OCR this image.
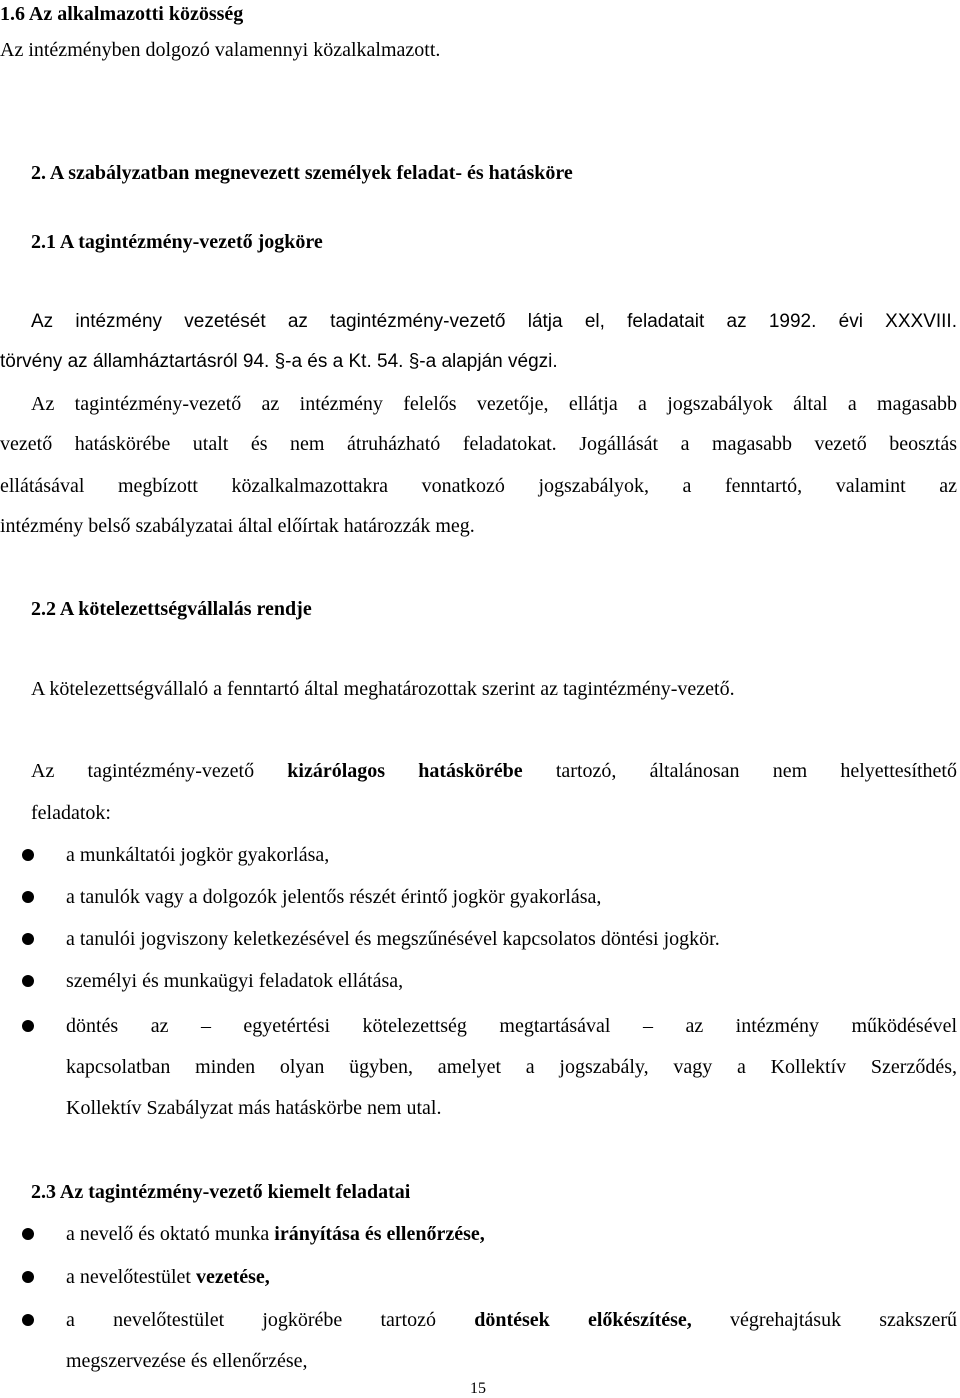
1.6 Az alkalmazotti közösség
Az intézményben dolgozó valamennyi közalkalmazott.
2. A szabályzatban megnevezett személyek feladat- és hatásköre
2.1 A tagintézmény-vezető jogköre
Az intézmény vezetését az tagintézmény-vezető látja el, feladatait az 1992. évi XXXVIII.
törvény az államháztartásról 94. §-a és a Kt. 54. §-a alapján végzi.
Az tagintézmény-vezető az intézmény felelős vezetője, ellátja a jogszabályok által a magasabb
vezető hatáskörébe utalt és nem átruházható feladatokat. Jogállását a magasabb vezető beosztás
ellátásával megbízott közalkalmazottakra vonatkozó jogszabályok, a fenntartó, valamint az
intézmény belső szabályzatai által előírtak határozzák meg.
2.2 A kötelezettségvállalás rendje
A kötelezettségvállaló a fenntartó által meghatározottak szerint az tagintézmény-vezető.
Az tagintézmény-vezető kizárólagos hatáskörébe tartozó, általánosan nem helyettesíthető
feladatok:
a munkáltatói jogkör gyakorlása,
a tanulók vagy a dolgozók jelentős részét érintő jogkör gyakorlása,
a tanulói jogviszony keletkezésével és megszűnésével kapcsolatos döntési jogkör.
személyi és munkaügyi feladatok ellátása,
döntés az – egyetértési kötelezettség megtartásával – az intézmény működésével
kapcsolatban minden olyan ügyben, amelyet a jogszabály, vagy a Kollektív Szerződés,
Kollektív Szabályzat más hatáskörbe nem utal.
2.3 Az tagintézmény-vezető kiemelt feladatai
a nevelő és oktató munka irányítása és ellenőrzése,
a nevelőtestület vezetése,
a nevelőtestület jogkörébe tartozó döntések előkészítése, végrehajtásuk szakszerű
megszervezése és ellenőrzése,
15
